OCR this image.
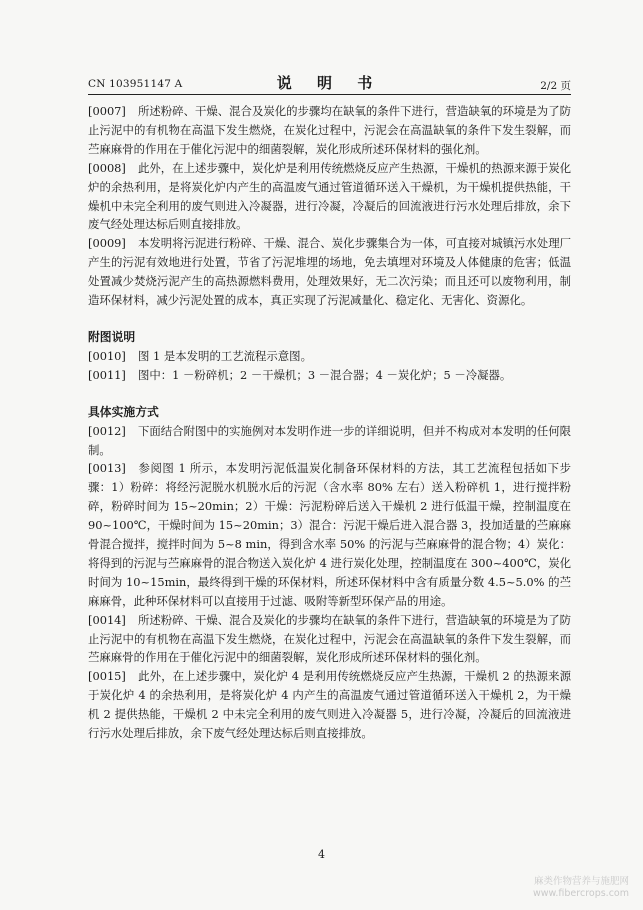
CN 103951147 A	说 明 书	2/2 页

[0007] 所述粉碎、干燥、混合及炭化的步骤均在缺氧的条件下进行，营造缺氧的环境是为了防止污泥中的有机物在高温下发生燃烧，在炭化过程中，污泥会在高温缺氧的条件下发生裂解，而苎麻麻骨的作用在于催化污泥中的细菌裂解，炭化形成所述环保材料的强化剂。

[0008] 此外，在上述步骤中，炭化炉是利用传统燃烧反应产生热源，干燥机的热源来源于炭化炉的余热利用，是将炭化炉内产生的高温废气通过管道循环送入干燥机，为干燥机提供热能，干燥机中未完全利用的废气则进入冷凝器，进行冷凝，冷凝后的回流液进行污水处理后排放，余下废气经处理达标后则直接排放。

[0009] 本发明将污泥进行粉碎、干燥、混合、炭化步骤集合为一体，可直接对城镇污水处理厂产生的污泥有效地进行处置，节省了污泥堆埋的场地，免去填埋对环境及人体健康的危害；低温处置减少焚烧污泥产生的高热源燃料费用，处理效果好，无二次污染；而且还可以废物利用，制造环保材料，减少污泥处置的成本，真正实现了污泥减量化、稳定化、无害化、资源化。

附图说明

[0010] 图 1 是本发明的工艺流程示意图。

[0011] 图中：1 －粉碎机；2 －干燥机；3 －混合器；4 －炭化炉；5 －冷凝器。

具体实施方式

[0012] 下面结合附图中的实施例对本发明作进一步的详细说明，但并不构成对本发明的任何限制。

[0013] 参阅图 1 所示，本发明污泥低温炭化制备环保材料的方法，其工艺流程包括如下步骤：1）粉碎：将经污泥脱水机脱水后的污泥（含水率 80% 左右）送入粉碎机 1，进行搅拌粉碎，粉碎时间为 15~20min；2）干燥：污泥粉碎后送入干燥机 2 进行低温干燥，控制温度在 90~100℃，干燥时间为 15~20min；3）混合：污泥干燥后进入混合器 3，投加适量的苎麻麻骨混合搅拌，搅拌时间为 5~8 min，得到含水率 50% 的污泥与苎麻麻骨的混合物；4）炭化：将得到的污泥与苎麻麻骨的混合物送入炭化炉 4 进行炭化处理，控制温度在 300~400℃，炭化时间为 10~15min，最终得到干燥的环保材料，所述环保材料中含有质量分数 4.5~5.0% 的苎麻麻骨，此种环保材料可以直接用于过滤、吸附等新型环保产品的用途。

[0014] 所述粉碎、干燥、混合及炭化的步骤均在缺氧的条件下进行，营造缺氧的环境是为了防止污泥中的有机物在高温下发生燃烧，在炭化过程中，污泥会在高温缺氧的条件下发生裂解，而苎麻麻骨的作用在于催化污泥中的细菌裂解，炭化形成所述环保材料的强化剂。

[0015] 此外，在上述步骤中，炭化炉 4 是利用传统燃烧反应产生热源，干燥机 2 的热源来源于炭化炉 4 的余热利用，是将炭化炉 4 内产生的高温废气通过管道循环送入干燥机 2，为干燥机 2 提供热能，干燥机 2 中未完全利用的废气则进入冷凝器 5，进行冷凝，冷凝后的回流液进行污水处理后排放，余下废气经处理达标后则直接排放。

4
麻类作物营养与施肥网
www.fibercrops.com
